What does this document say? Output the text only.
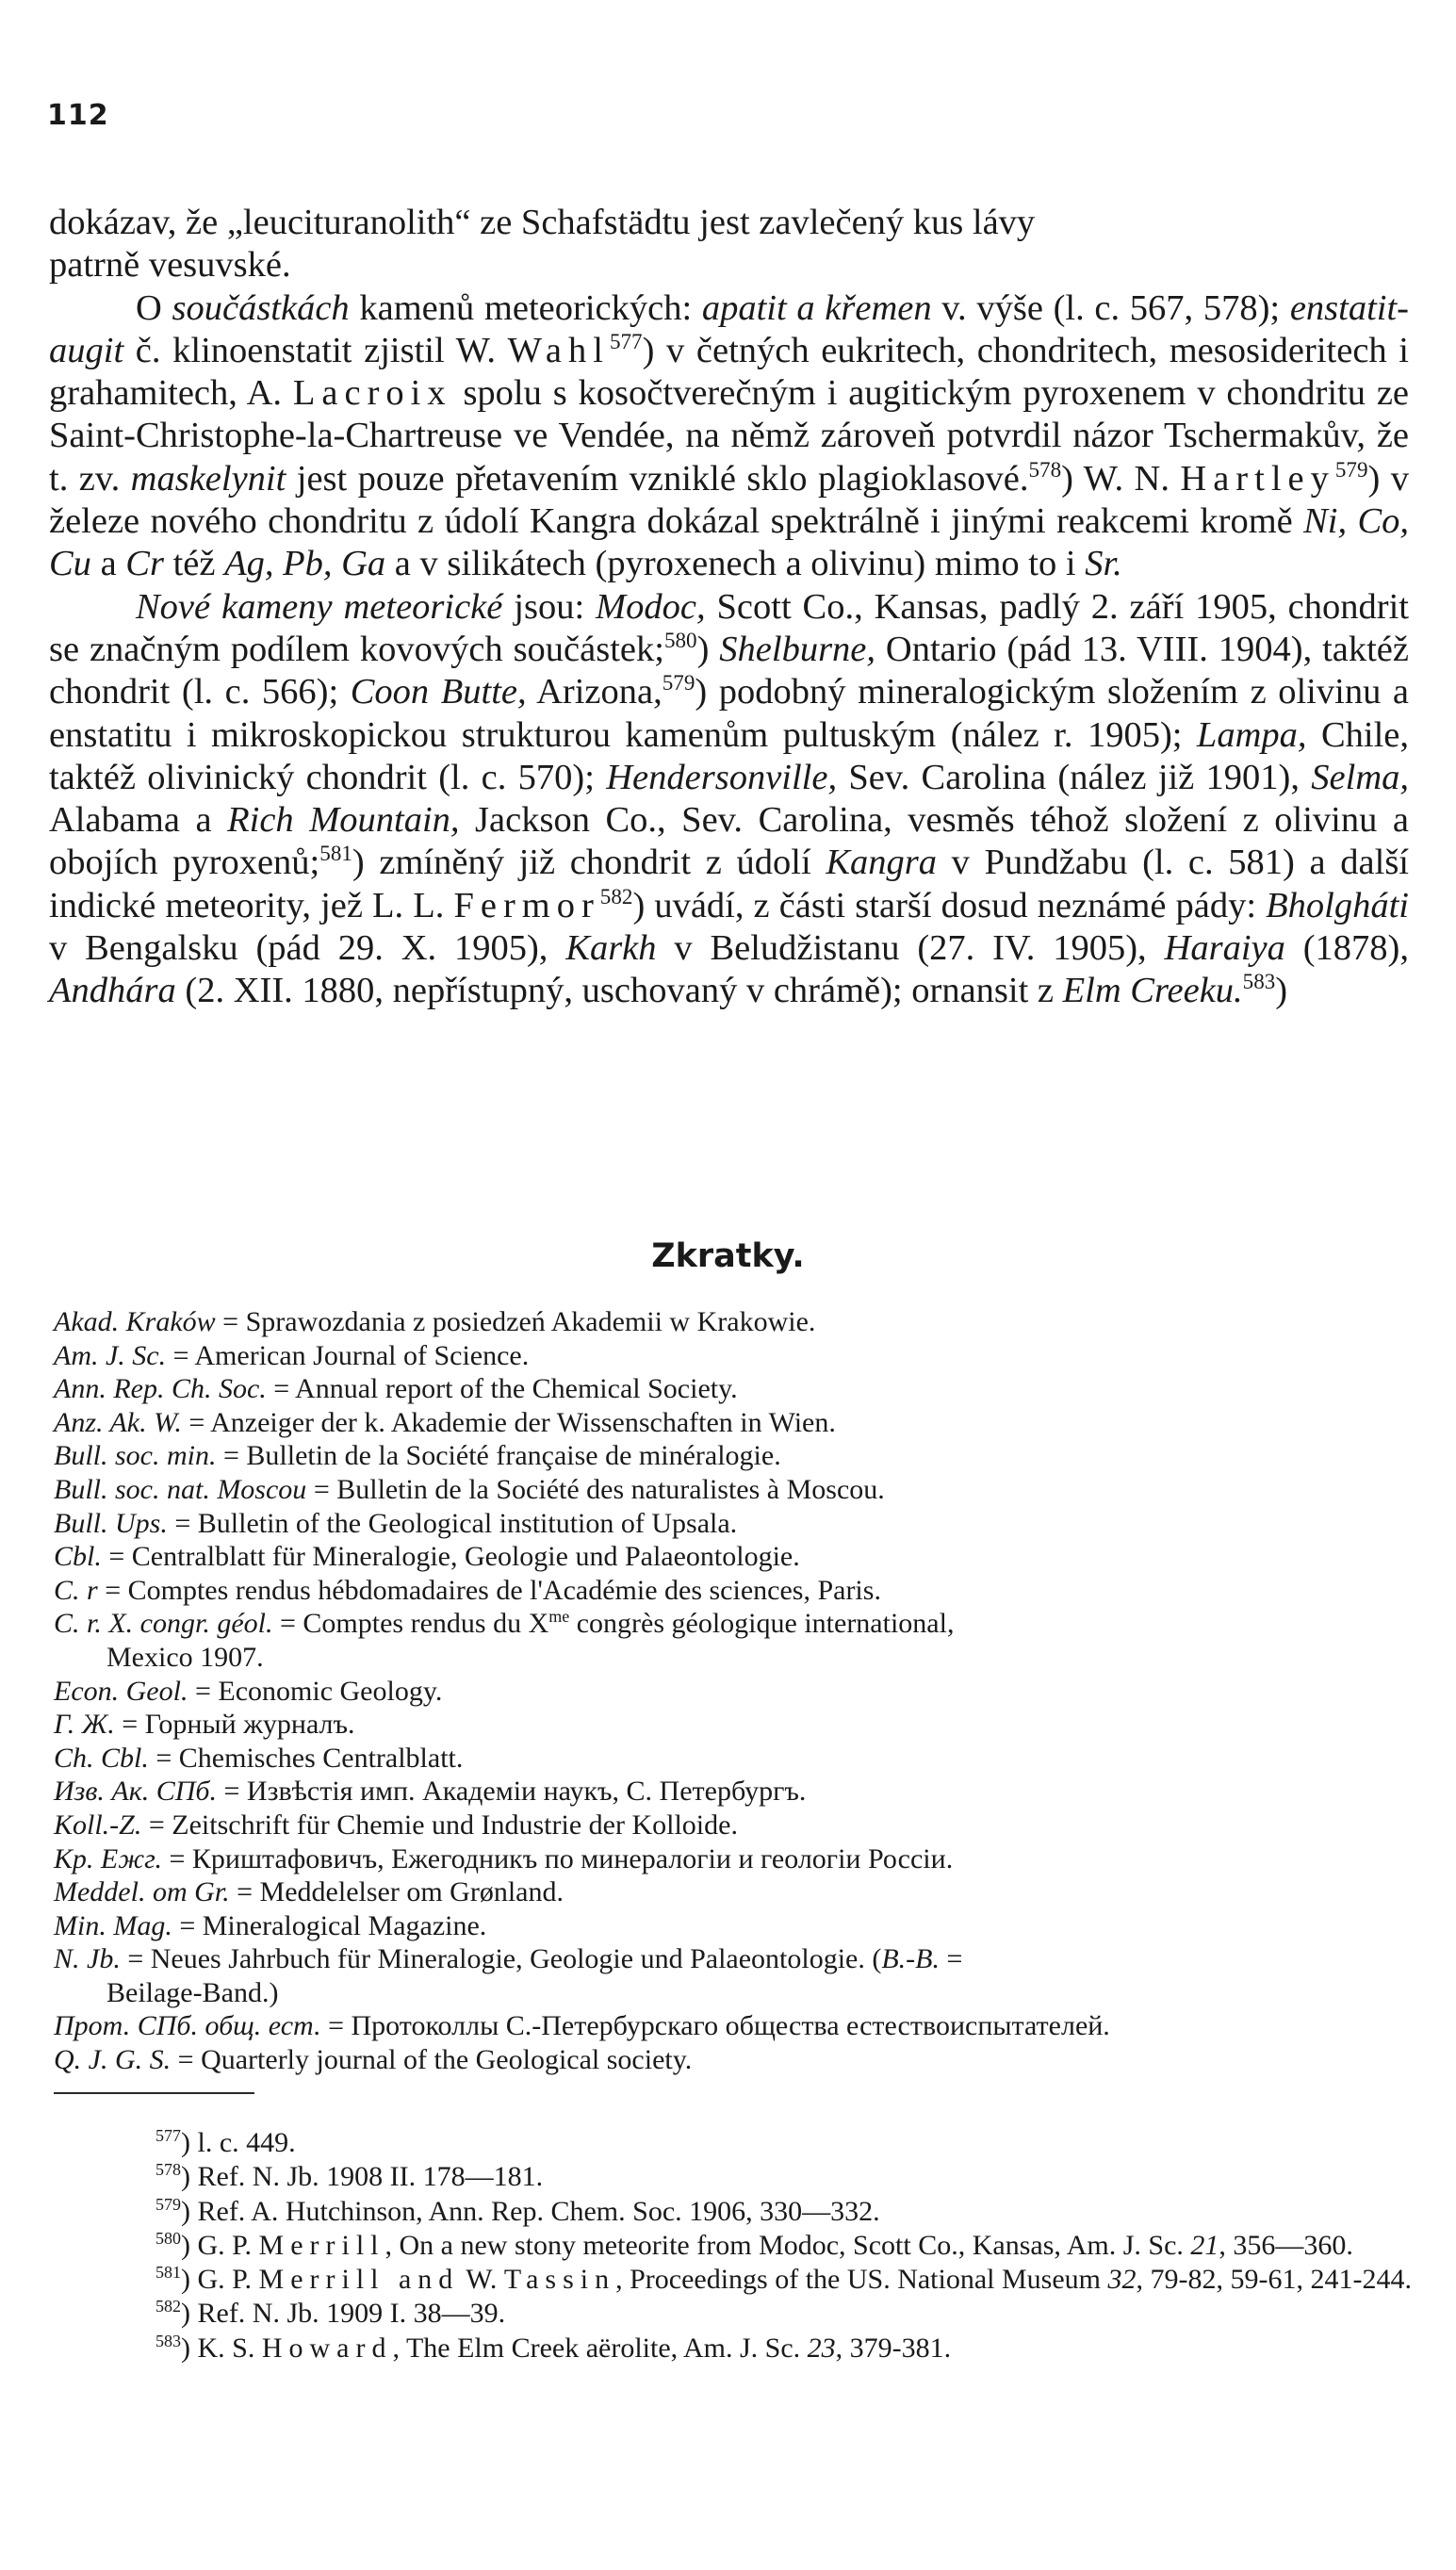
112

dokázav, že „leucituranolith“ ze Schafstädtu jest zavlečený kus lávy
patrně vesuvské.

O součástkách kamenů meteorických: apatit a křemen v. výše (l. c. 567, 578); enstatit-augit č. klinoenstatit zjistil W. Wahl$^{577}$) v četných eukritech, chondritech, mesosideritech i grahamitech, A. Lacroix spolu s kosočtverečným i augitickým pyroxenem v chondritu ze Saint-Christophe-la-Chartreuse ve Vendée, na němž zároveň potvrdil názor Tschermakův, že t. zv. maskelynit jest pouze přetavením vzniklé sklo plagioklasové.$^{578}$) W. N. Hartley$^{579}$) v železe nového chondritu z údolí Kangra dokázal spektrálně i jinými reakcemi kromě Ni, Co, Cu a Cr též Ag, Pb, Ga a v silikátech (pyroxenech a olivinu) mimo to i Sr.

Nové kameny meteorické jsou: Modoc, Scott Co., Kansas, padlý 2. září 1905, chondrit se značným podílem kovových součástek;$^{580}$) Shelburne, Ontario (pád 13. VIII. 1904), taktéž chondrit (l. c. 566); Coon Butte, Arizona,$^{579}$) podobný mineralogickým složením z olivinu a enstatitu i mikroskopickou strukturou kamenům pultuským (nález r. 1905); Lampa, Chile, taktéž olivinický chondrit (l. c. 570); Hendersonville, Sev. Carolina (nález již 1901), Selma, Alabama a Rich Mountain, Jackson Co., Sev. Carolina, vesměs téhož složení z olivinu a obojích pyroxenů;$^{581}$) zmíněný již chondrit z údolí Kangra v Pundžabu (l. c. 581) a další indické meteority, jež L. L. Fermor$^{582}$) uvádí, z části starší dosud neznámé pády: Bholgháti v Bengalsku (pád 29. X. 1905), Karkh v Beludžistanu (27. IV. 1905), Haraiya (1878), Andhára (2. XII. 1880, nepřístupný, uschovaný v chrámě); ornansit z Elm Creeku.$^{583}$)

Zkratky.
Akad. Kraków = Sprawozdania z posiedzeń Akademii w Krakowie.
Am. J. Sc. = American Journal of Science.
Ann. Rep. Ch. Soc. = Annual report of the Chemical Society.
Anz. Ak. W. = Anzeiger der k. Akademie der Wissenschaften in Wien.
Bull. soc. min. = Bulletin de la Société française de minéralogie.
Bull. soc. nat. Moscou = Bulletin de la Société des naturalistes à Moscou.
Bull. Ups. = Bulletin of the Geological institution of Upsala.
Cbl. = Centralblatt für Mineralogie, Geologie und Palaeontologie.
C. r = Comptes rendus hébdomadaires de l'Académie des sciences, Paris.
C. r. X. congr. géol. = Comptes rendus du $X^{me}$ congrès géologique international,
Mexico 1907.
Econ. Geol. = Economic Geology.
Г. Ж. = Горный журналъ.
Ch. Cbl. = Chemisches Centralblatt.
Изв. Ак. СПб. = Извѣстія имп. Академіи наукъ, С. Петербургъ.
Koll.-Z. = Zeitschrift für Chemie und Industrie der Kolloide.
Кр. Ежг. = Криштафовичъ, Ежегодникъ по минералогіи и геологіи Россіи.
Meddel. om Gr. = Meddelelser om Grønland.
Min. Mag. = Mineralogical Magazine.
N. Jb. = Neues Jahrbuch für Mineralogie, Geologie und Palaeontologie. (B.-B. =
Beilage-Band.)
Прот. СПб. общ. ест. = Протоколлы С.-Петербурскаго общества естествоиспытателей.
Q. J. G. S. = Quarterly journal of the Geological society.
$^{577}$) l. c. 449.
$^{578}$) Ref. N. Jb. 1908 II. 178—181.
$^{579}$) Ref. A. Hutchinson, Ann. Rep. Chem. Soc. 1906, 330—332.
$^{580}$) G. P. Merrill, On a new stony meteorite from Modoc, Scott Co., Kansas, Am. J. Sc. 21, 356—360.
$^{581}$) G. P. Merrill and W. Tassin, Proceedings of the US. National Museum 32, 79-82, 59-61, 241-244.
$^{582}$) Ref. N. Jb. 1909 I. 38—39.
$^{583}$) K. S. Howard, The Elm Creek aërolite, Am. J. Sc. 23, 379-381.
